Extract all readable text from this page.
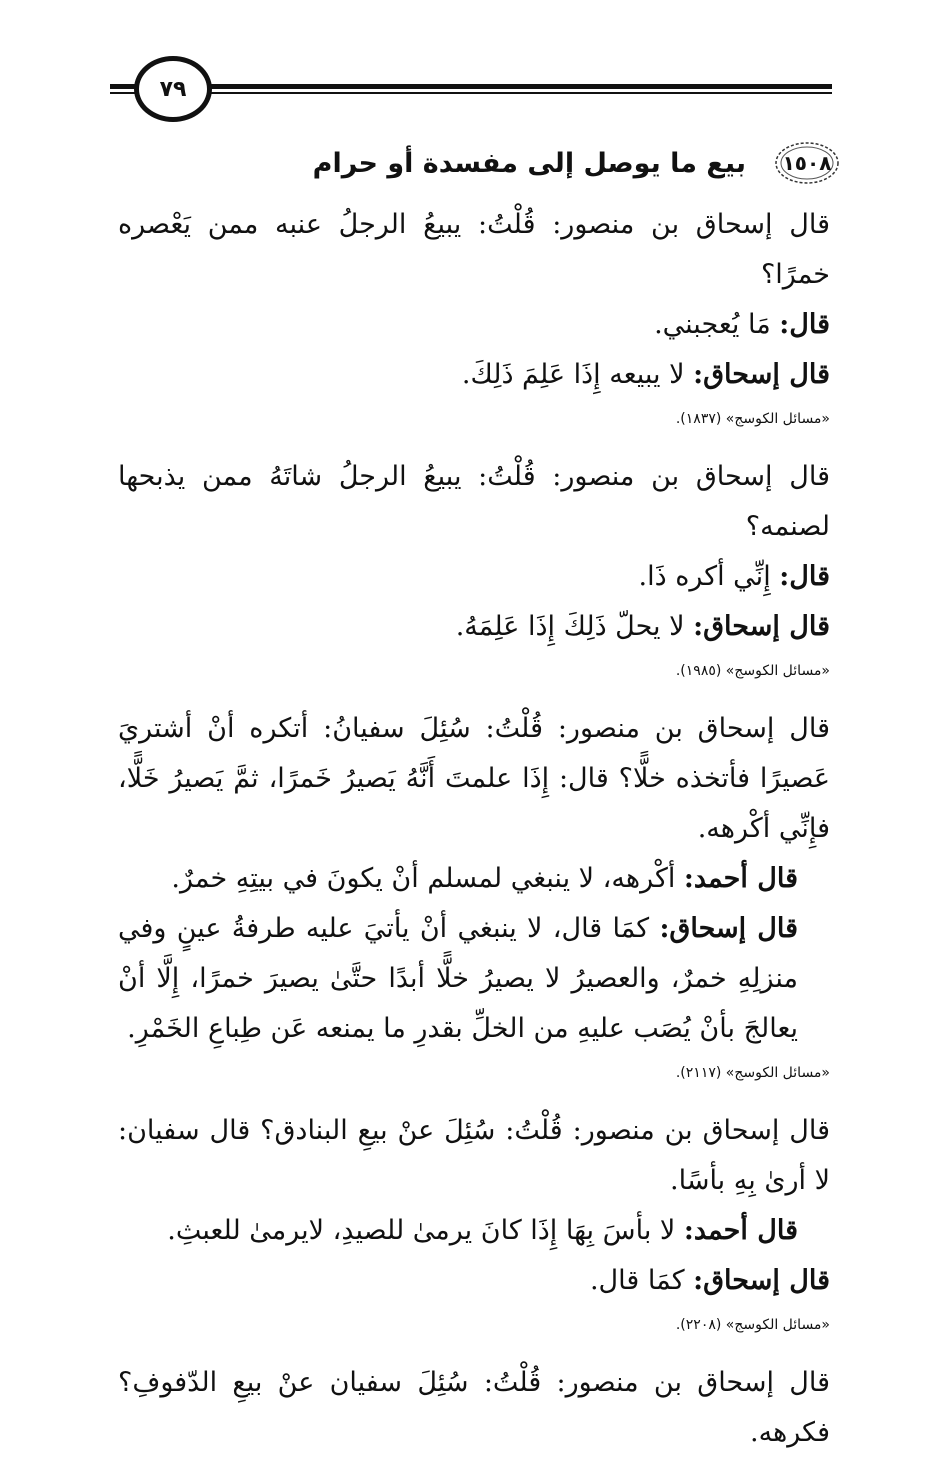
٧٩
١٥٠٨
بيع ما يوصل إلى مفسدة أو حرام

قال إسحاق بن منصور: قُلْتُ: يبيعُ الرجلُ عنبه ممن يَعْصره خمرًا؟

قال: مَا يُعجبني.

قال إسحاق: لا يبيعه إِذَا عَلِمَ ذَلِكَ.

«مسائل الكوسج» (١٨٣٧).

قال إسحاق بن منصور: قُلْتُ: يبيعُ الرجلُ شاتَهُ ممن يذبحها لصنمه؟

قال: إِنِّي أكره ذَا.

قال إسحاق: لا يحلّ ذَلِكَ إِذَا عَلِمَهُ.

«مسائل الكوسج» (١٩٨٥).

قال إسحاق بن منصور: قُلْتُ: سُئِلَ سفيانُ: أتكره أنْ أشتريَ عَصيرًا فأتخذه خلًّا؟ قال: إِذَا علمتَ أَنَّهُ يَصيرُ خَمرًا، ثمَّ يَصيرُ خَلًّا، فإِنِّي أكْرهه.

قال أحمد: أكْرهه، لا ينبغي لمسلم أنْ يكونَ في بيتِهِ خمرٌ.

قال إسحاق: كمَا قال، لا ينبغي أنْ يأتيَ عليه طرفةُ عينٍ وفي منزلِهِ خمرٌ، والعصيرُ لا يصيرُ خلًّا أبدًا حتَّىٰ يصيرَ خمرًا، إِلَّا أنْ يعالجَ بأنْ يُصَب عليهِ من الخلِّ بقدرِ ما يمنعه عَن طِباعِ الخَمْرِ.

«مسائل الكوسج» (٢١١٧).

قال إسحاق بن منصور: قُلْتُ: سُئِلَ عنْ بيعِ البنادق؟ قال سفيان: لا أرىٰ بِهِ بأسًا.

قال أحمد: لا بأسَ بِهَا إِذَا كانَ يرمىٰ للصيدِ، لايرمىٰ للعبثِ.

قال إسحاق: كمَا قال.

«مسائل الكوسج» (٢٢٠٨).

قال إسحاق بن منصور: قُلْتُ: سُئِلَ سفيان عنْ بيعِ الدّفوفِ؟ فكرهه.
